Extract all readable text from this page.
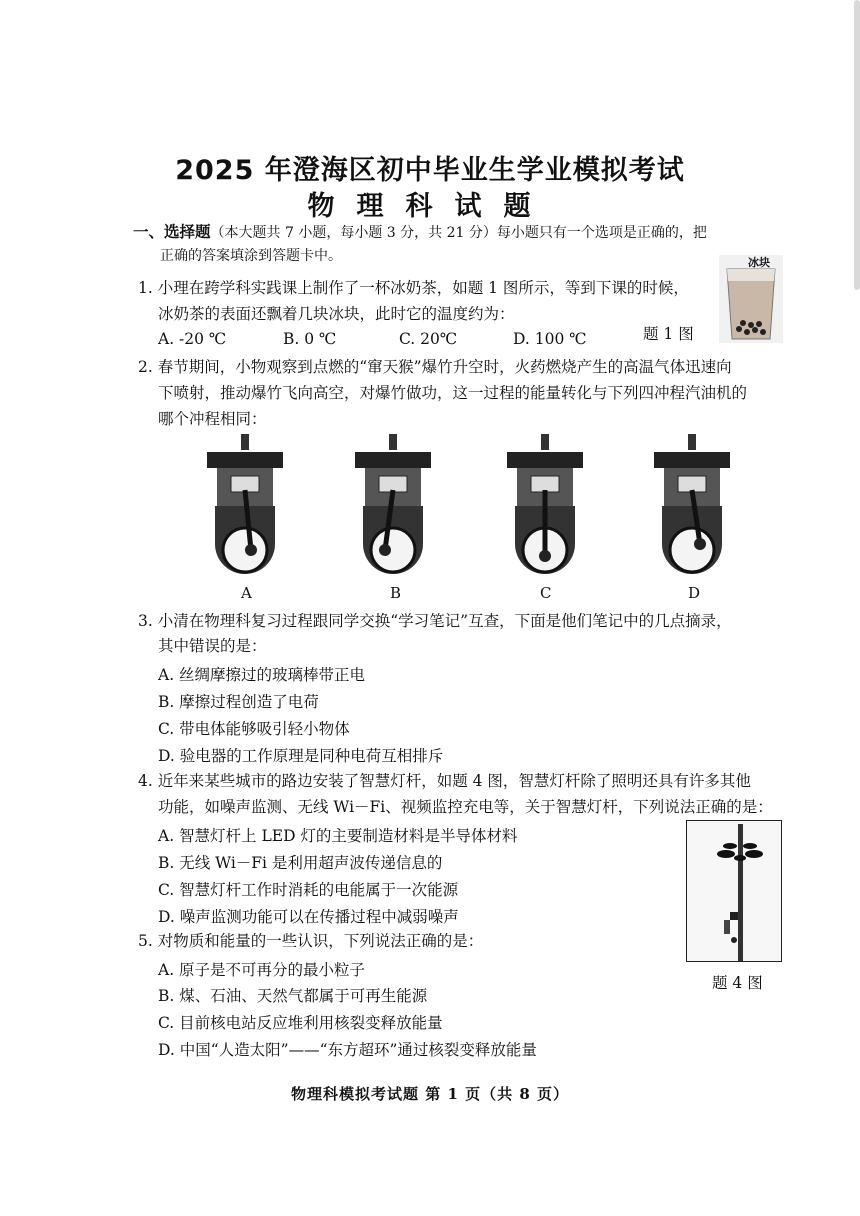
2025 年澄海区初中毕业生学业模拟考试
物理科试题
一、选择题（本大题共 7 小题，每小题 3 分，共 21 分）每小题只有一个选项是正确的，把
正确的答案填涂到答题卡中。
1. 小理在跨学科实践课上制作了一杯冰奶茶，如题 1 图所示，等到下课的时候，
冰奶茶的表面还飘着几块冰块，此时它的温度约为：
A. -20 ℃	B. 0 ℃	C. 20℃	D. 100 ℃	题 1 图
冰块
2. 春节期间，小物观察到点燃的“窜天猴”爆竹升空时，火药燃烧产生的高温气体迅速向
下喷射，推动爆竹飞向高空，对爆竹做功，这一过程的能量转化与下列四冲程汽油机的
哪个冲程相同：
A	B	C	D
3. 小清在物理科复习过程跟同学交换“学习笔记”互查，下面是他们笔记中的几点摘录，
其中错误的是：
A. 丝绸摩擦过的玻璃棒带正电
B. 摩擦过程创造了电荷
C. 带电体能够吸引轻小物体
D. 验电器的工作原理是同种电荷互相排斥
4. 近年来某些城市的路边安装了智慧灯杆，如题 4 图，智慧灯杆除了照明还具有许多其他
功能，如噪声监测、无线 Wi－Fi、视频监控充电等，关于智慧灯杆，下列说法正确的是：
A. 智慧灯杆上 LED 灯的主要制造材料是半导体材料
B. 无线 Wi－Fi 是利用超声波传递信息的
C. 智慧灯杆工作时消耗的电能属于一次能源
D. 噪声监测功能可以在传播过程中减弱噪声
题 4 图
5. 对物质和能量的一些认识，下列说法正确的是：
A. 原子是不可再分的最小粒子
B. 煤、石油、天然气都属于可再生能源
C. 目前核电站反应堆利用核裂变释放能量
D. 中国“人造太阳”——“东方超环”通过核裂变释放能量
物理科模拟考试题 第 1 页（共 8 页）
